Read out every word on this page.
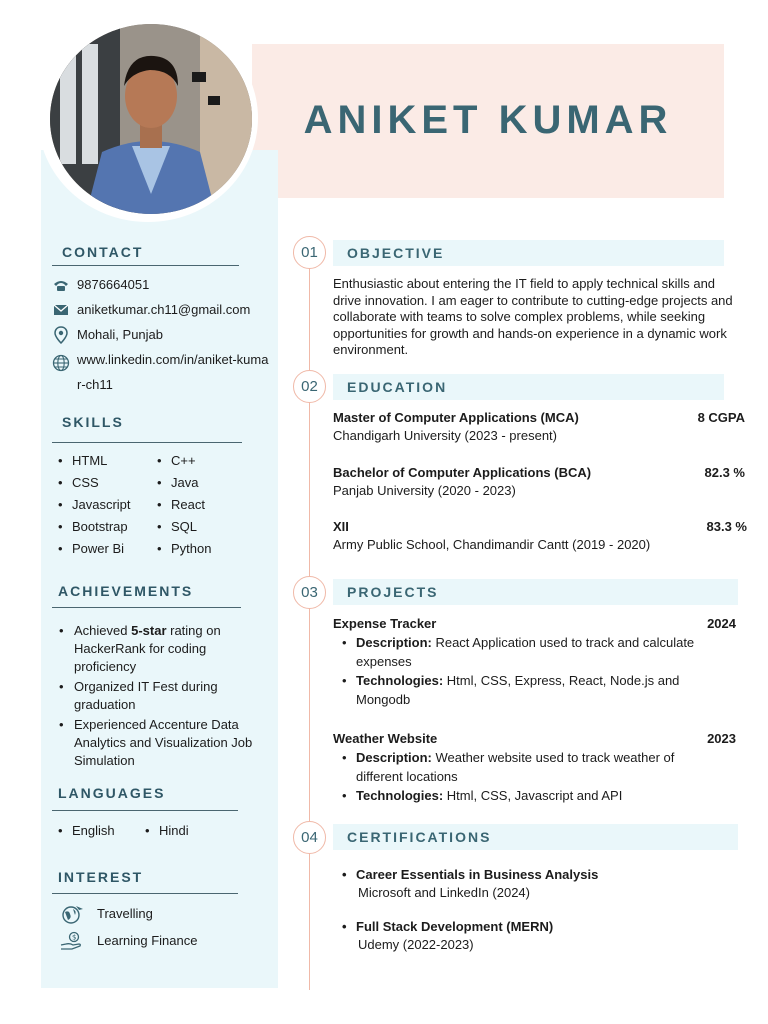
ANIKET KUMAR
CONTACT
9876664051
aniketkumar.ch11@gmail.com
Mohali, Punjab
www.linkedin.com/in/aniket-kumar-ch11
SKILLS
• HTML
• CSS
• Javascript
• Bootstrap
• Power Bi
• C++
• Java
• React
• SQL
• Python
ACHIEVEMENTS
• Achieved 5-star rating on HackerRank for coding proficiency
• Organized IT Fest during graduation
• Experienced Accenture Data Analytics and Visualization Job Simulation
LANGUAGES
• English
•	Hindi
INTEREST
Travelling
$ Learning Finance
01	OBJECTIVE
Enthusiastic about entering the IT field to apply technical skills and drive innovation. I am eager to contribute to cutting-edge projects and collaborate with teams to solve complex problems, while seeking opportunities for growth and hands-on experience in a dynamic work environment.
02	EDUCATION
Master of Computer Applications (MCA)	8 CGPA
Chandigarh University (2023 - present)
Bachelor of Computer Applications (BCA)	82.3 %
Panjab University (2020 - 2023)
XII	83.3 %
Army Public School, Chandimandir Cantt (2019 - 2020)
03	PROJECTS
Expense Tracker	2024
• Description: React Application used to track and calculate expenses
• Technologies: Html, CSS, Express, React, Node.js and Mongodb
Weather Website	2023
• Description: Weather website used to track weather of different locations
• Technologies: Html, CSS, Javascript and API
04	CERTIFICATIONS
• Career Essentials in Business Analysis
Microsoft and LinkedIn (2024)
• Full Stack Development (MERN)
Udemy (2022-2023)
